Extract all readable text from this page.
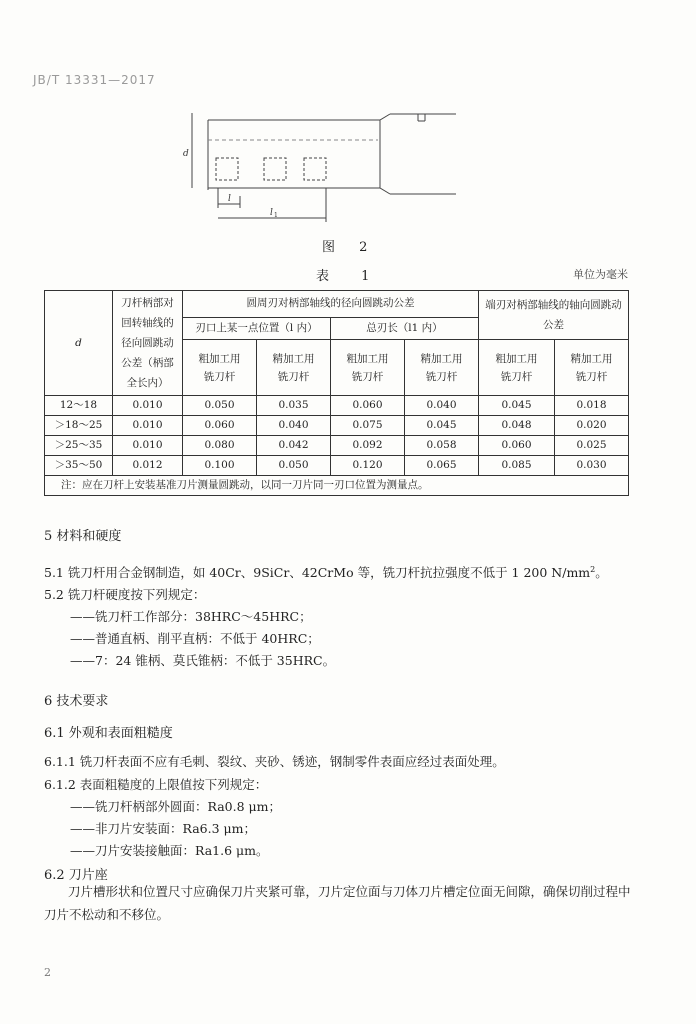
JB/T 13331—2017
d
l
l 1
图 2
表 1	单位为毫米
d	刀杆柄部对回转轴线的径向圆跳动公差（柄部全长内）	圆周刃对柄部轴线的径向圆跳动公差				端刃对柄部轴线的轴向圆跳动公差	
		刃口上某一点位置（l 内）		总刃长（l1 内）			
		粗加工用铣刀杆	精加工用铣刀杆	粗加工用铣刀杆	精加工用铣刀杆	粗加工用铣刀杆	精加工用铣刀杆
12～18	0.010	0.050	0.035	0.060	0.040	0.045	0.018
＞18～25	0.010	0.060	0.040	0.075	0.045	0.048	0.020
＞25～35	0.010	0.080	0.042	0.092	0.058	0.060	0.025
＞35～50	0.012	0.100	0.050	0.120	0.065	0.085	0.030
注：应在刀杆上安装基准刀片测量圆跳动，以同一刀片同一刃口位置为测量点。							
5 材料和硬度
5.1 铣刀杆用合金钢制造，如 40Cr、9SiCr、42CrMo 等，铣刀杆抗拉强度不低于 1 200 $N/mm^2$。
5.2 铣刀杆硬度按下列规定：
——铣刀杆工作部分：38HRC～45HRC；
——普通直柄、削平直柄：不低于 40HRC；
——7：24 锥柄、莫氏锥柄：不低于 35HRC。
6 技术要求
6.1 外观和表面粗糙度
6.1.1 铣刀杆表面不应有毛刺、裂纹、夹砂、锈迹，钢制零件表面应经过表面处理。
6.1.2 表面粗糙度的上限值按下列规定：
——铣刀杆柄部外圆面：Ra0.8 μm；
——非刀片安装面：Ra6.3 μm；
——刀片安装接触面：Ra1.6 μm。
6.2 刀片座
刀片槽形状和位置尺寸应确保刀片夹紧可靠，刀片定位面与刀体刀片槽定位面无间隙，确保切削过程中刀片不松动和不移位。
2
